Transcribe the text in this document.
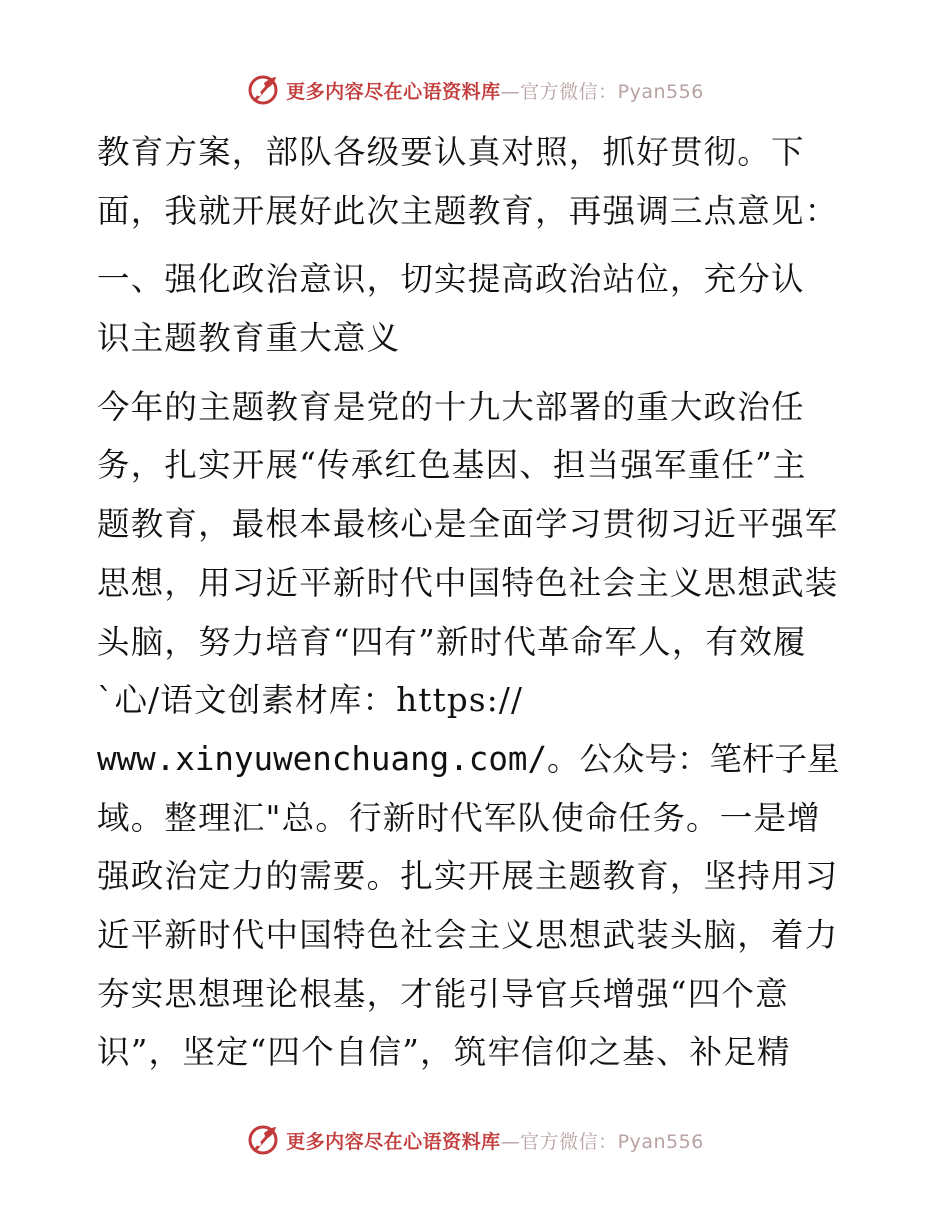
更多内容尽在心语资料库 —官方微信：Pyan556
教育方案，部队各级要认真对照，抓好贯彻。下
面，我就开展好此次主题教育，再强调三点意见：
一、强化政治意识，切实提高政治站位，充分认
识主题教育重大意义
今年的主题教育是党的十九大部署的重大政治任
务，扎实开展“传承红色基因、担当强军重任”主
题教育，最根本最核心是全面学习贯彻习近平强军
思想，用习近平新时代中国特色社会主义思想武装
头脑，努力培育“四有”新时代革命军人，有效履
`心/语文创素材库：https://
www.xinyuwenchuang.com/。公众号：笔杆子星
域。整理汇"总。行新时代军队使命任务。一是增
强政治定力的需要。扎实开展主题教育，坚持用习
近平新时代中国特色社会主义思想武装头脑，着力
夯实思想理论根基，才能引导官兵增强“四个意
识”，坚定“四个自信”，筑牢信仰之基、补足精
更多内容尽在心语资料库 —官方微信：Pyan556
